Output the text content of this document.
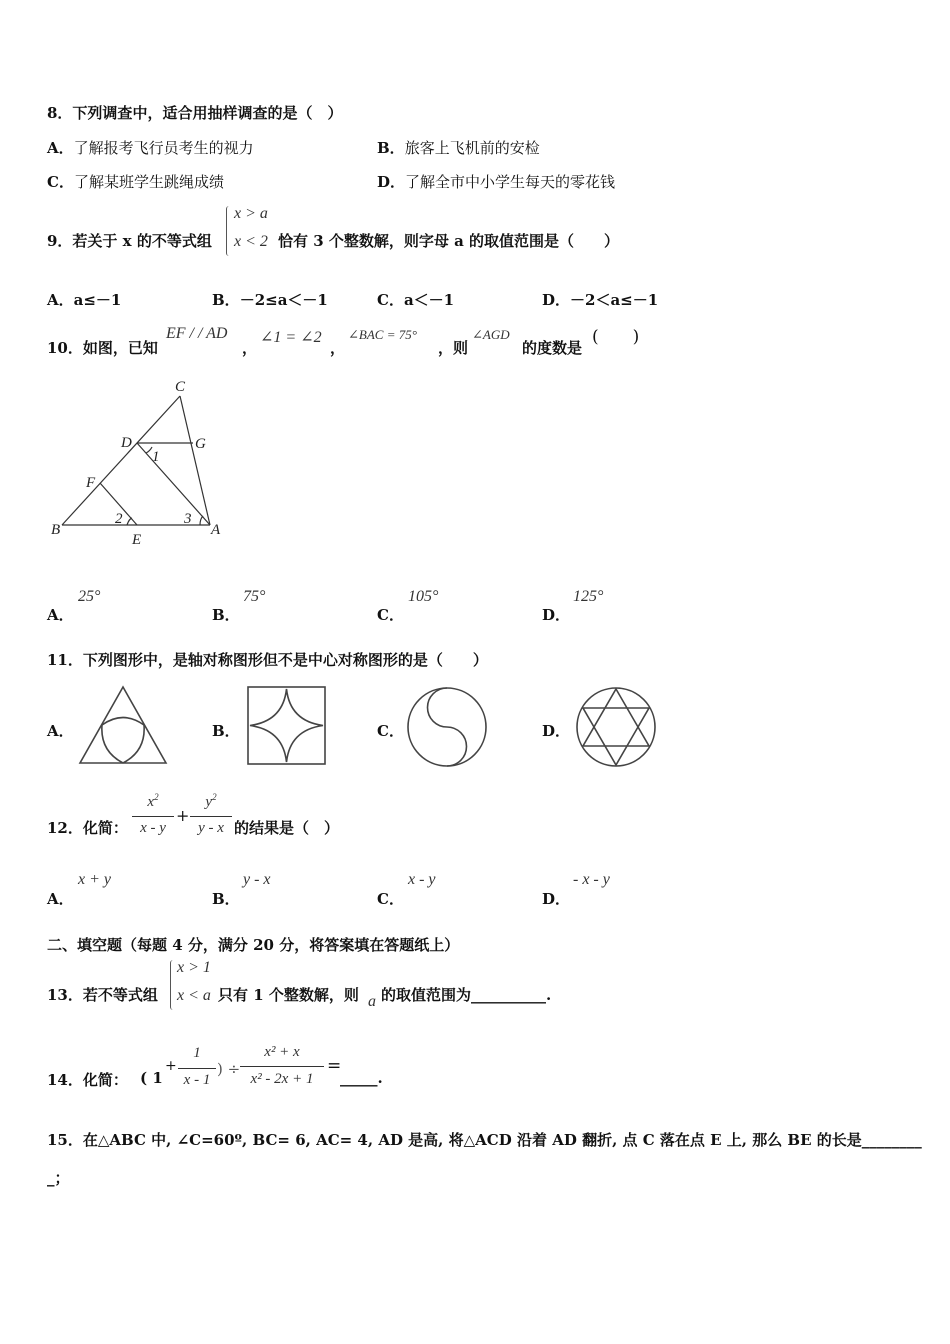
8．下列调查中，适合用抽样调查的是（　）
A．了解报考飞行员考生的视力	B．旅客上飞机前的安检
C．了解某班学生跳绳成绩	D．了解全市中小学生每天的零花钱
9．若关于 x 的不等式组
x > a
x < 2 恰有 3 个整数解，则字母 a 的取值范围是（　　）
A．a≤－1	B．－2≤a＜－1	C．a＜－1	D．－2＜a≤－1
10．如图，已知
EF / / AD
，
∠1 = ∠2
，
∠BAC = 75°
，则
∠AGD
的度数是
(　　)
C
D	G
F
B
E
A
1
2	3
A．
25°
B．
75°
C．
105°
D．
125°
11．下列图形中，是轴对称图形但不是中心对称图形的是（　　）
A．	B．	C．	D．
12．化简：
$x^2$
x - y
+
$y^2$
y - x 的结果是（　）
A．
x + y
B．
y - x
C．
x - y
D．
- x - y
二、填空题（每题 4 分，满分 20 分，将答案填在答题纸上）
13．若不等式组
x > 1
x < a 只有 1 个整数解，则 a 的取值范围为__________.
14．化简： ( 1
+
1
x - 1
) ÷
x² + x
x² - 2x + 1
=
_____.
15．在△ABC 中, ∠C=60º, BC= 6, AC= 4, AD 是高, 将△ACD 沿着 AD 翻折, 点 C 落在点 E 上, 那么 BE 的长是________
_；
